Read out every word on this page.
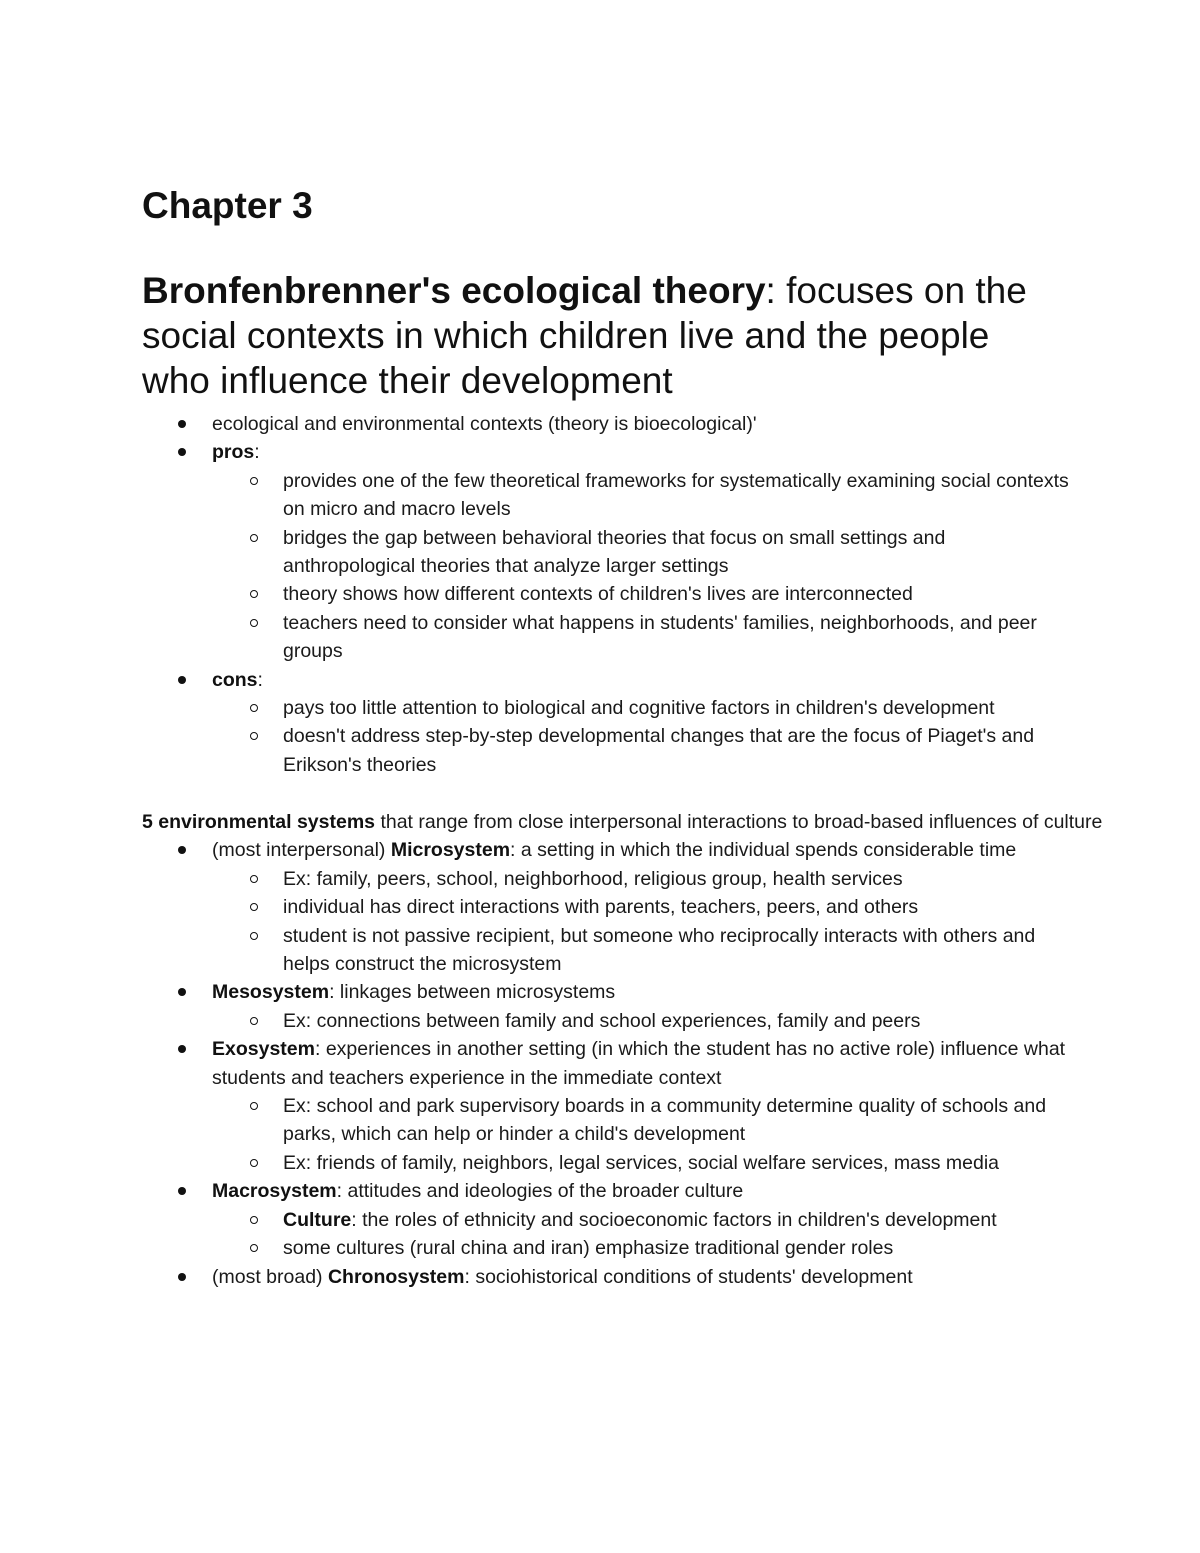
Chapter 3
Bronfenbrenner's ecological theory: focuses on the social contexts in which children live and the people who influence their development
ecological and environmental contexts (theory is bioecological)'
pros:
provides one of the few theoretical frameworks for systematically examining social contexts on micro and macro levels
bridges the gap between behavioral theories that focus on small settings and anthropological theories that analyze larger settings
theory shows how different contexts of children's lives are interconnected
teachers need to consider what happens in students' families, neighborhoods, and peer groups
cons:
pays too little attention to biological and cognitive factors in children's development
doesn't address step-by-step developmental changes that are the focus of Piaget's and Erikson's theories

5 environmental systems that range from close interpersonal interactions to broad-based influences of culture

(most interpersonal) Microsystem: a setting in which the individual spends considerable time
Ex: family, peers, school, neighborhood, religious group, health services
individual has direct interactions with parents, teachers, peers, and others
student is not passive recipient, but someone who reciprocally interacts with others and helps construct the microsystem
Mesosystem: linkages between microsystems
Ex: connections between family and school experiences, family and peers
Exosystem: experiences in another setting (in which the student has no active role) influence what students and teachers experience in the immediate context
Ex: school and park supervisory boards in a community determine quality of schools and parks, which can help or hinder a child's development
Ex: friends of family, neighbors, legal services, social welfare services, mass media
Macrosystem: attitudes and ideologies of the broader culture
Culture: the roles of ethnicity and socioeconomic factors in children's development
some cultures (rural china and iran) emphasize traditional gender roles
(most broad) Chronosystem: sociohistorical conditions of students' development
